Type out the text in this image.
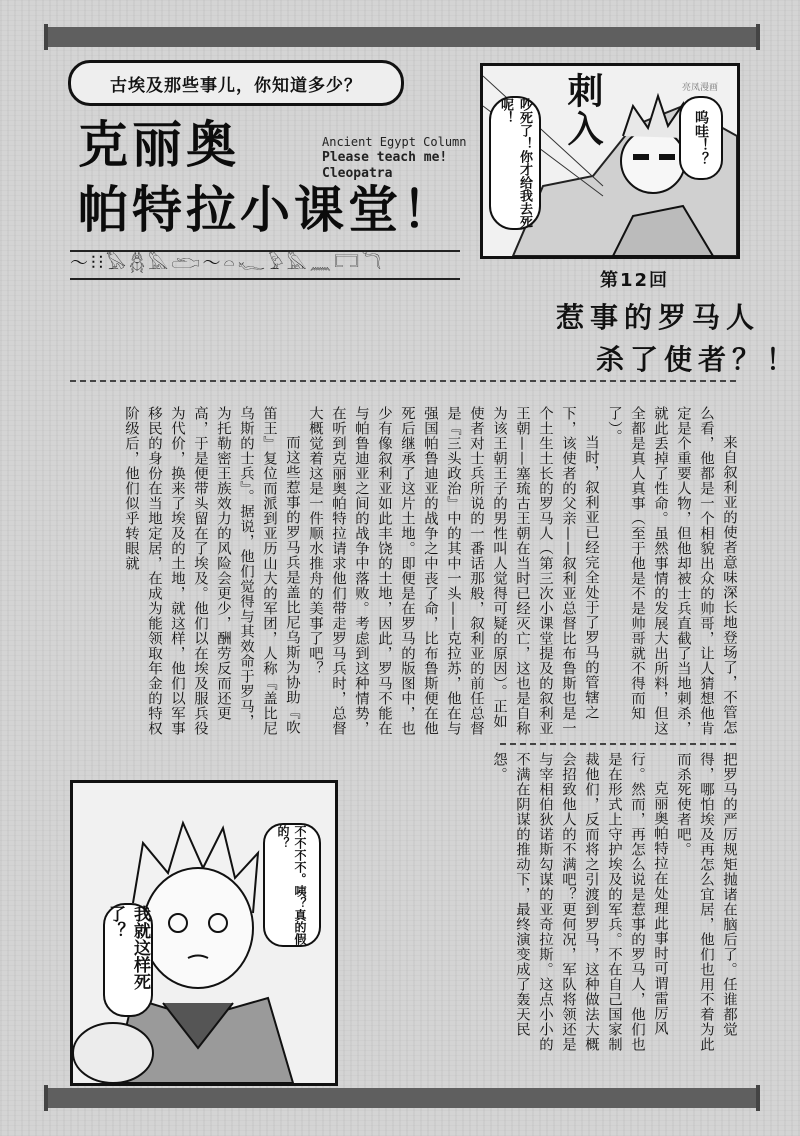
古埃及那些事儿，你知道多少？
克丽奥
帕特拉小课堂！
Ancient Egypt Column
Please teach me!
Cleopatra
〜⫶⫶𓅃𓆣𓅓𓂧〜𓏏𓆑𓅱𓅓𓈖𓉐𓆓
刺入
吵死了！你才给我去死呢！	呜哇！？
亮凤漫画
第12回
惹事的罗马人
杀了使者？！

来自叙利亚的使者意味深长地登场了，不管怎么看，他都是一个相貌出众的帅哥，让人猜想他肯定是个重要人物，但他却被士兵直截了当地刺杀，就此丢掉了性命。虽然事情的发展大出所料，但这全都是真人真事（至于他是不是帅哥就不得而知了）。

当时，叙利亚已经完全处于了罗马的管辖之下，该使者的父亲——叙利亚总督比布鲁斯也是一个土生土长的罗马人（第三次小课堂提及的叙利亚王朝——塞琉古王朝在当时已经灭亡，这也是自称为该王朝王子的男性叫人觉得可疑的原因）。正如使者对士兵所说的一番话那般，叙利亚的前任总督是『三头政治』中的其中一头——克拉苏，他在与强国帕鲁迪亚的战争之中丧了命，比布鲁斯便在他死后继承了这片土地。即便是在罗马的版图中，也少有像叙利亚如此丰饶的土地，因此，罗马不能在与帕鲁迪亚之间的战争中落败。考虑到这种情势，在听到克丽奥帕特拉请求他们带走罗马兵时，总督大概觉着这是一件顺水推舟的美事了吧？

而这些惹事的罗马兵是盖比尼乌斯为协助『吹笛王』复位而派到亚历山大的军团，人称『盖比尼乌斯的士兵』。据说，他们觉得与其效命于罗马，为托勒密王族效力的风险会更少，酬劳反而还更高，于是便带头留在了埃及。他们以在埃及服兵役为代价，换来了埃及的土地，就这样，他们以军事移民的身份在当地定居，在成为能领取年金的特权阶级后，他们似乎转眼就

把罗马的严厉规矩抛诸在脑后了。任谁都觉得，哪怕埃及再怎么宜居，他们也用不着为此而杀死使者吧。

克丽奥帕特拉在处理此事时可谓雷厉风行。然而，再怎么说是惹事的罗马人，他们也是在形式上守护埃及的军兵。不在自己国家制裁他们，反而将之引渡到罗马，这种做法大概会招致他人的不满吧？更何况，军队将领还是与宰相伯狄诺斯勾谋的亚奇拉斯。这点小小的不满在阴谋的推动下，最终演变成了轰天民怨。

我就这样死了？	不不不不。咦？真的假的？
